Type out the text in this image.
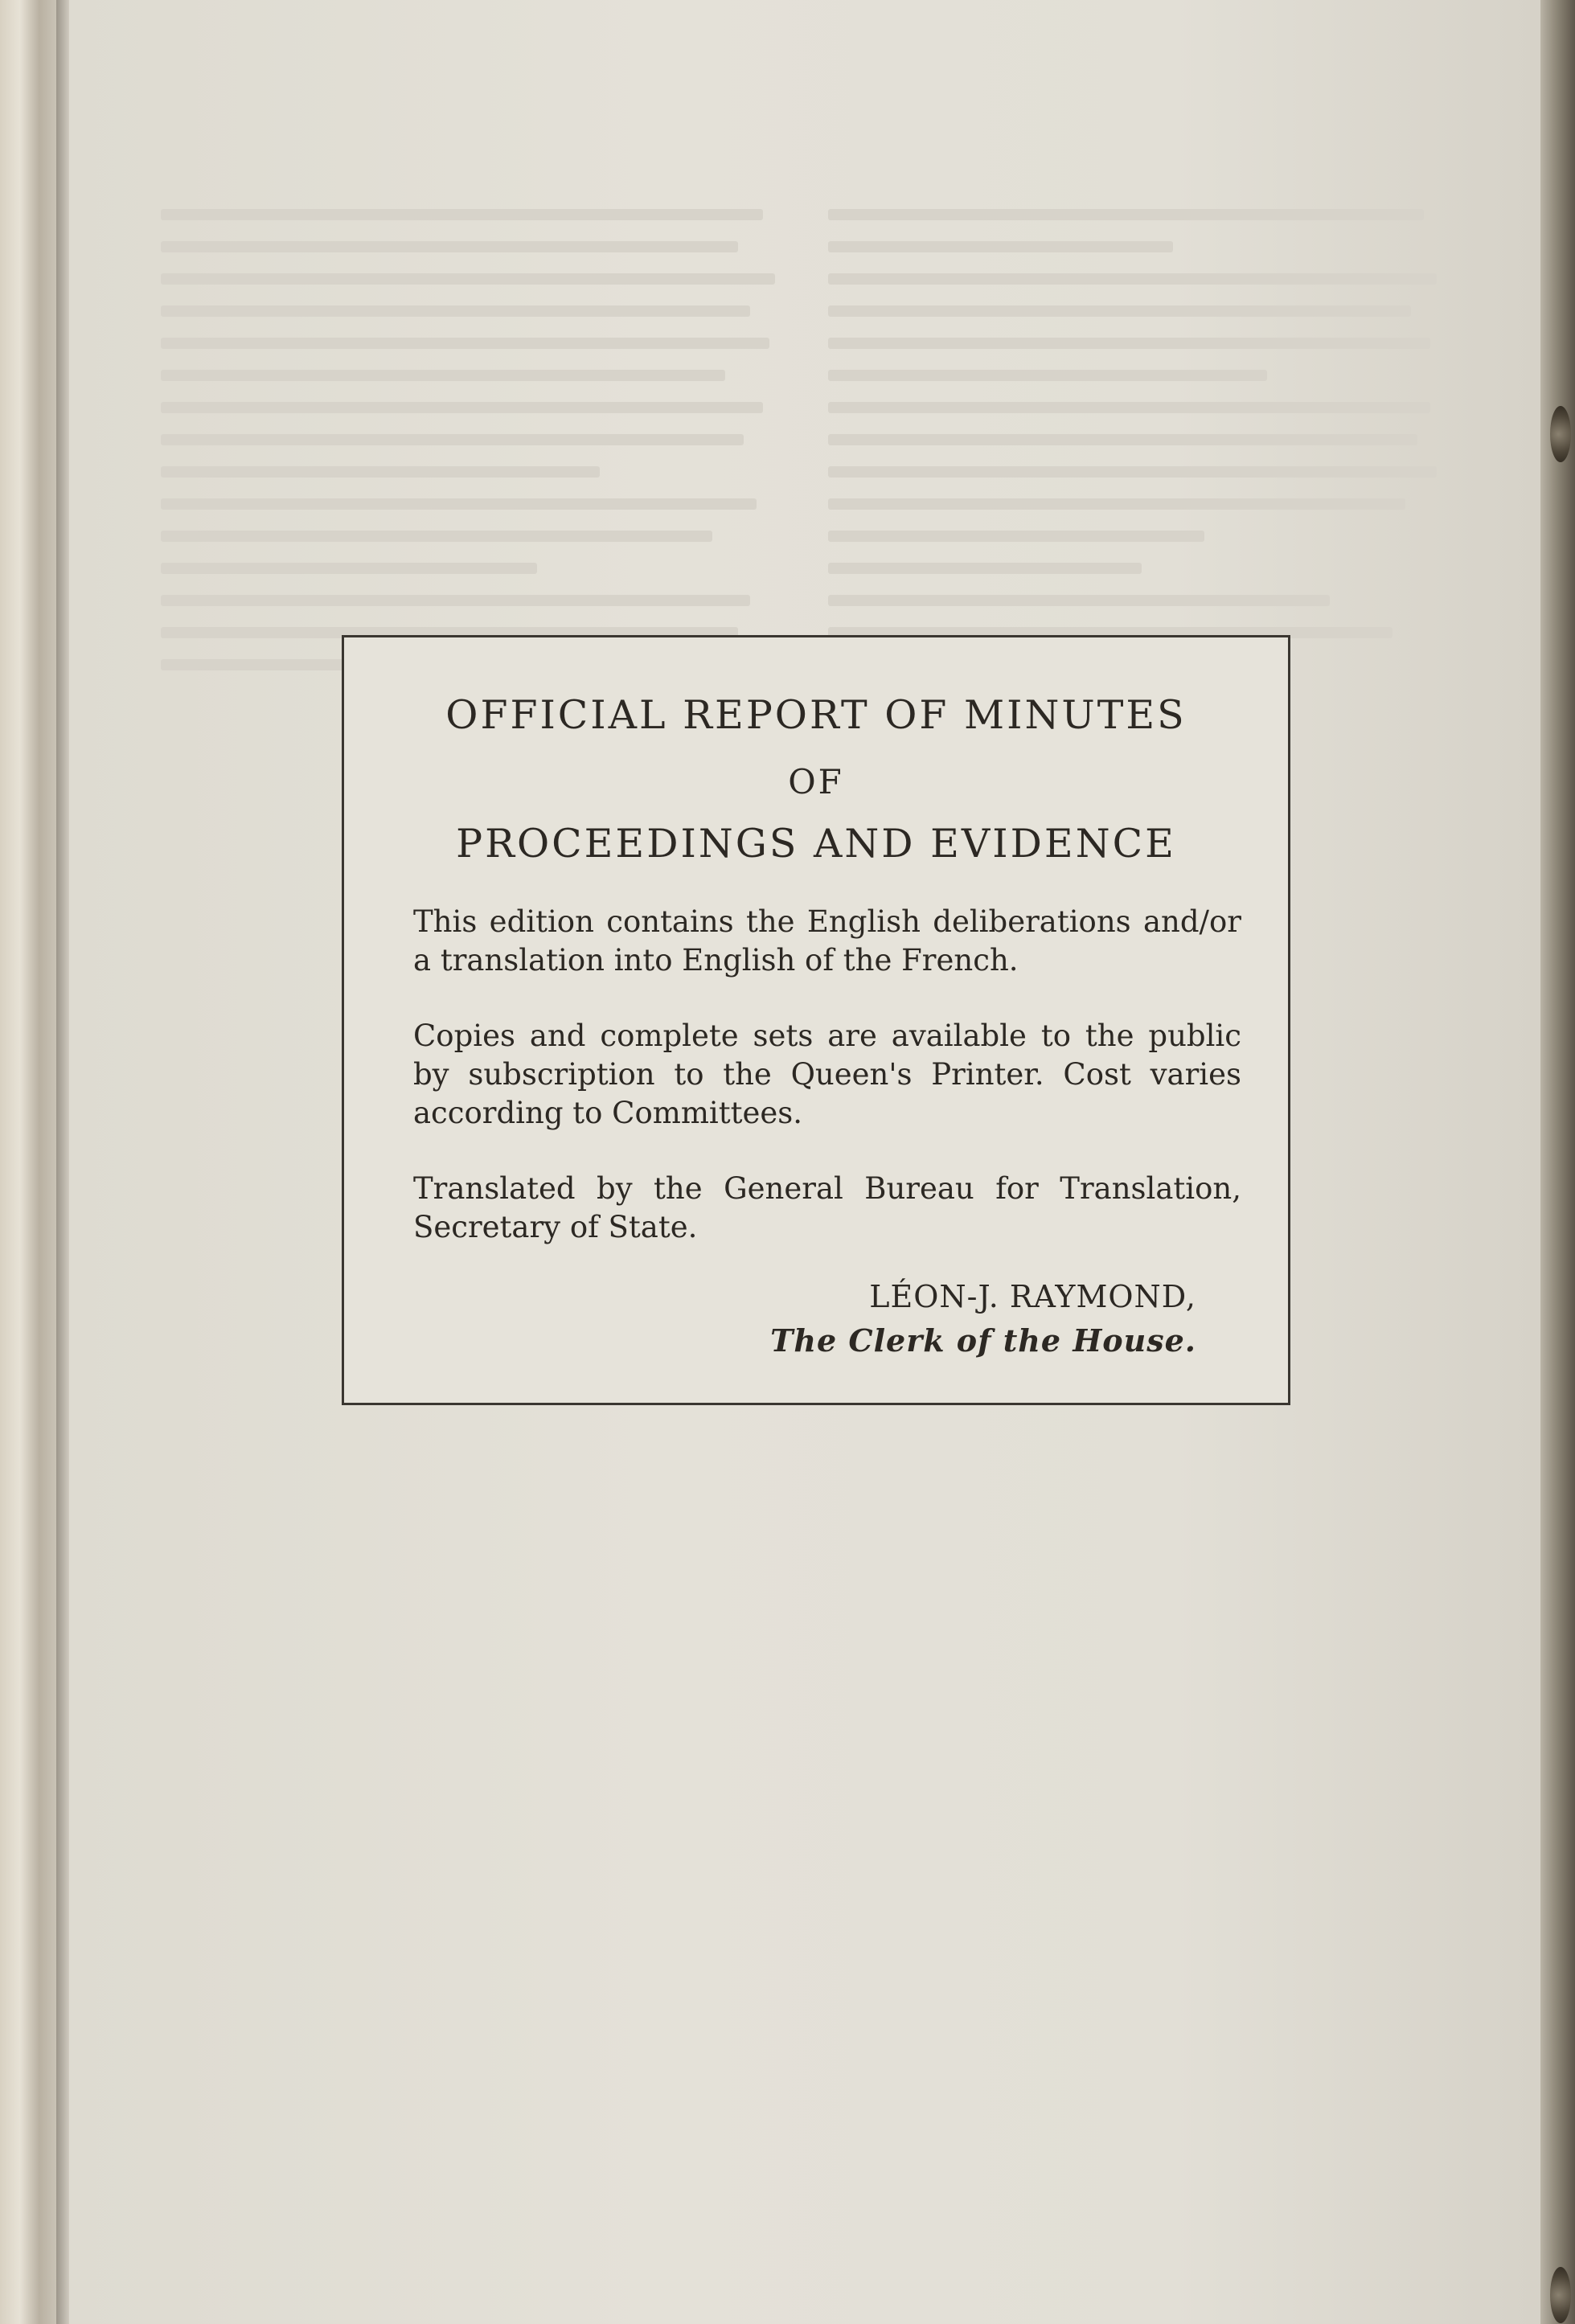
OFFICIAL REPORT OF MINUTES
OF
PROCEEDINGS AND EVIDENCE
This edition contains the English deliberations and/or a translation into English of the French.
Copies and complete sets are available to the public by subscription to the Queen's Printer. Cost varies according to Committees.
Translated by the General Bureau for Translation, Secretary of State.
LÉON-J. RAYMOND,
The Clerk of the House.
